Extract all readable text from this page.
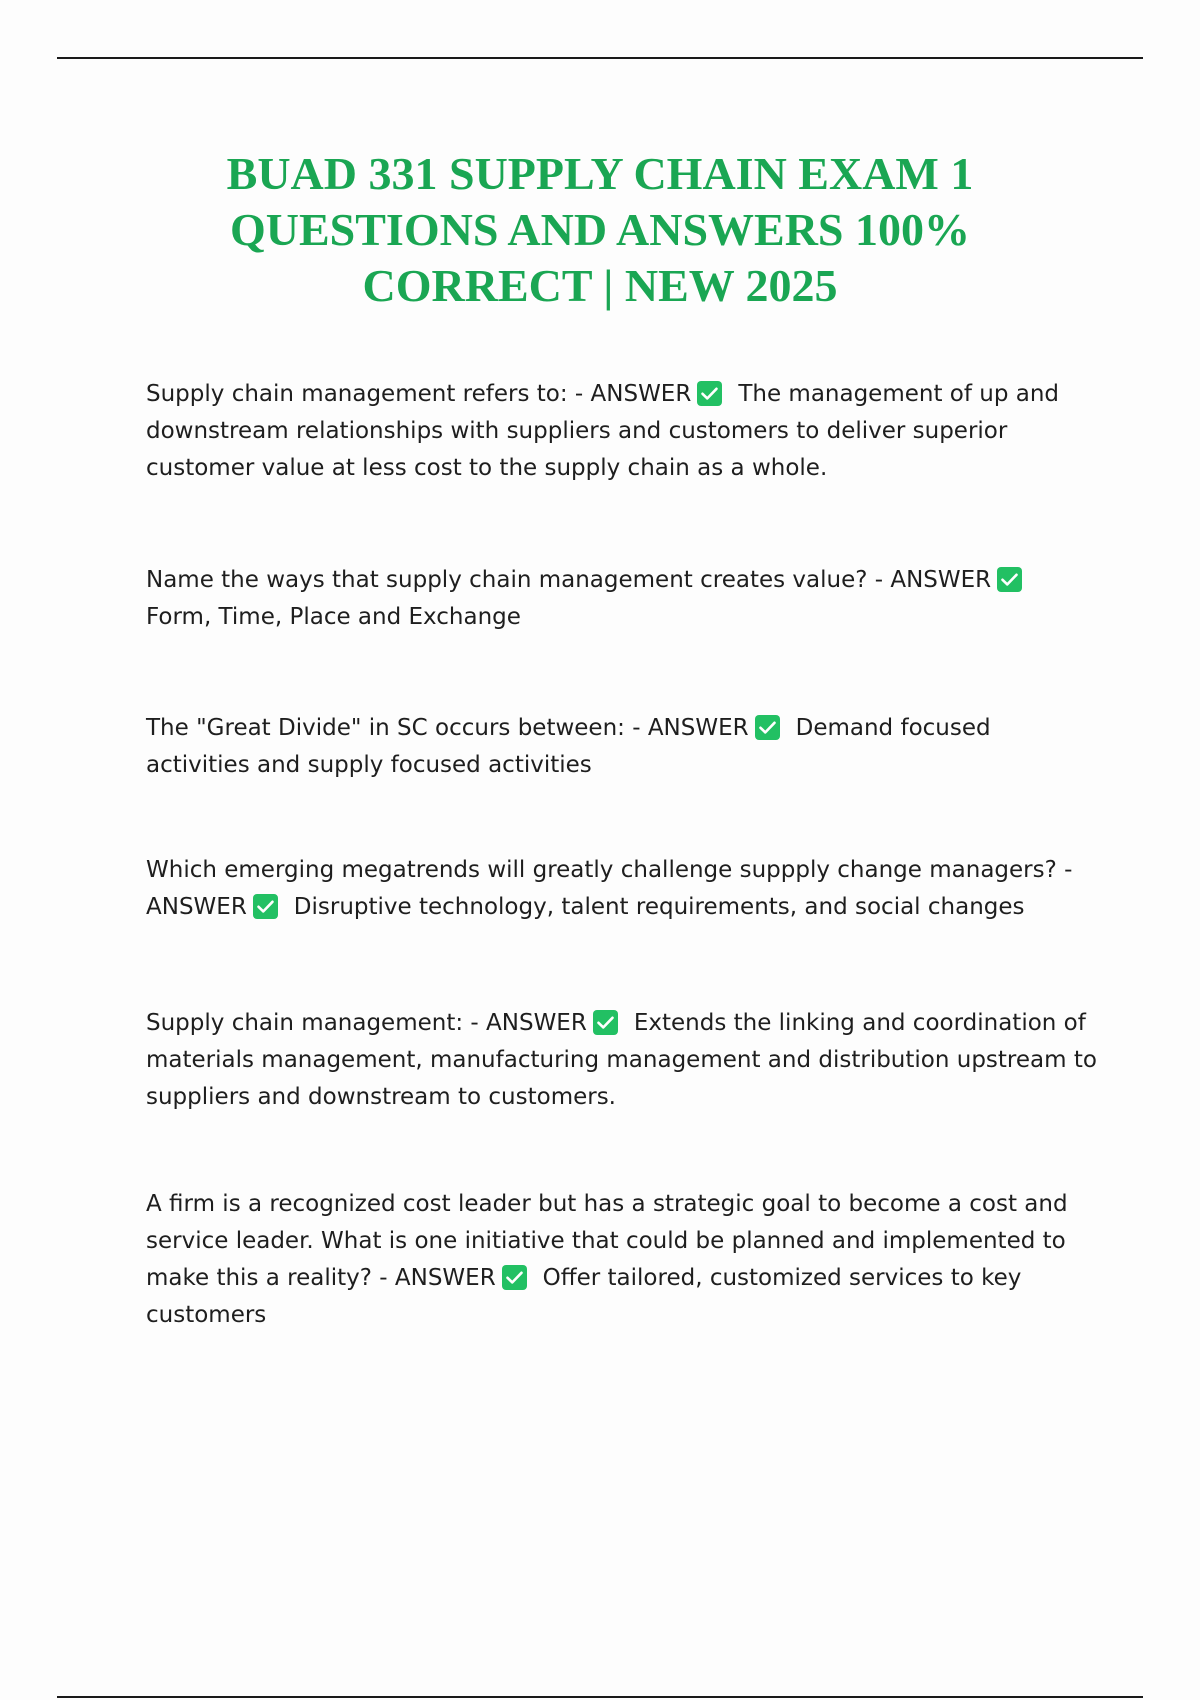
BUAD 331 SUPPLY CHAIN EXAM 1
QUESTIONS AND ANSWERS 100%
CORRECT | NEW 2025

Supply chain management refers to: - ANSWER The management of up and
downstream relationships with suppliers and customers to deliver superior
customer value at less cost to the supply chain as a whole.

Name the ways that supply chain management creates value? - ANSWER
Form, Time, Place and Exchange

The "Great Divide" in SC occurs between: - ANSWER Demand focused
activities and supply focused activities

Which emerging megatrends will greatly challenge suppply change managers? -
ANSWER Disruptive technology, talent requirements, and social changes

Supply chain management: - ANSWER Extends the linking and coordination of
materials management, manufacturing management and distribution upstream to
suppliers and downstream to customers.

A firm is a recognized cost leader but has a strategic goal to become a cost and
service leader. What is one initiative that could be planned and implemented to
make this a reality? - ANSWER Offer tailored, customized services to key
customers
